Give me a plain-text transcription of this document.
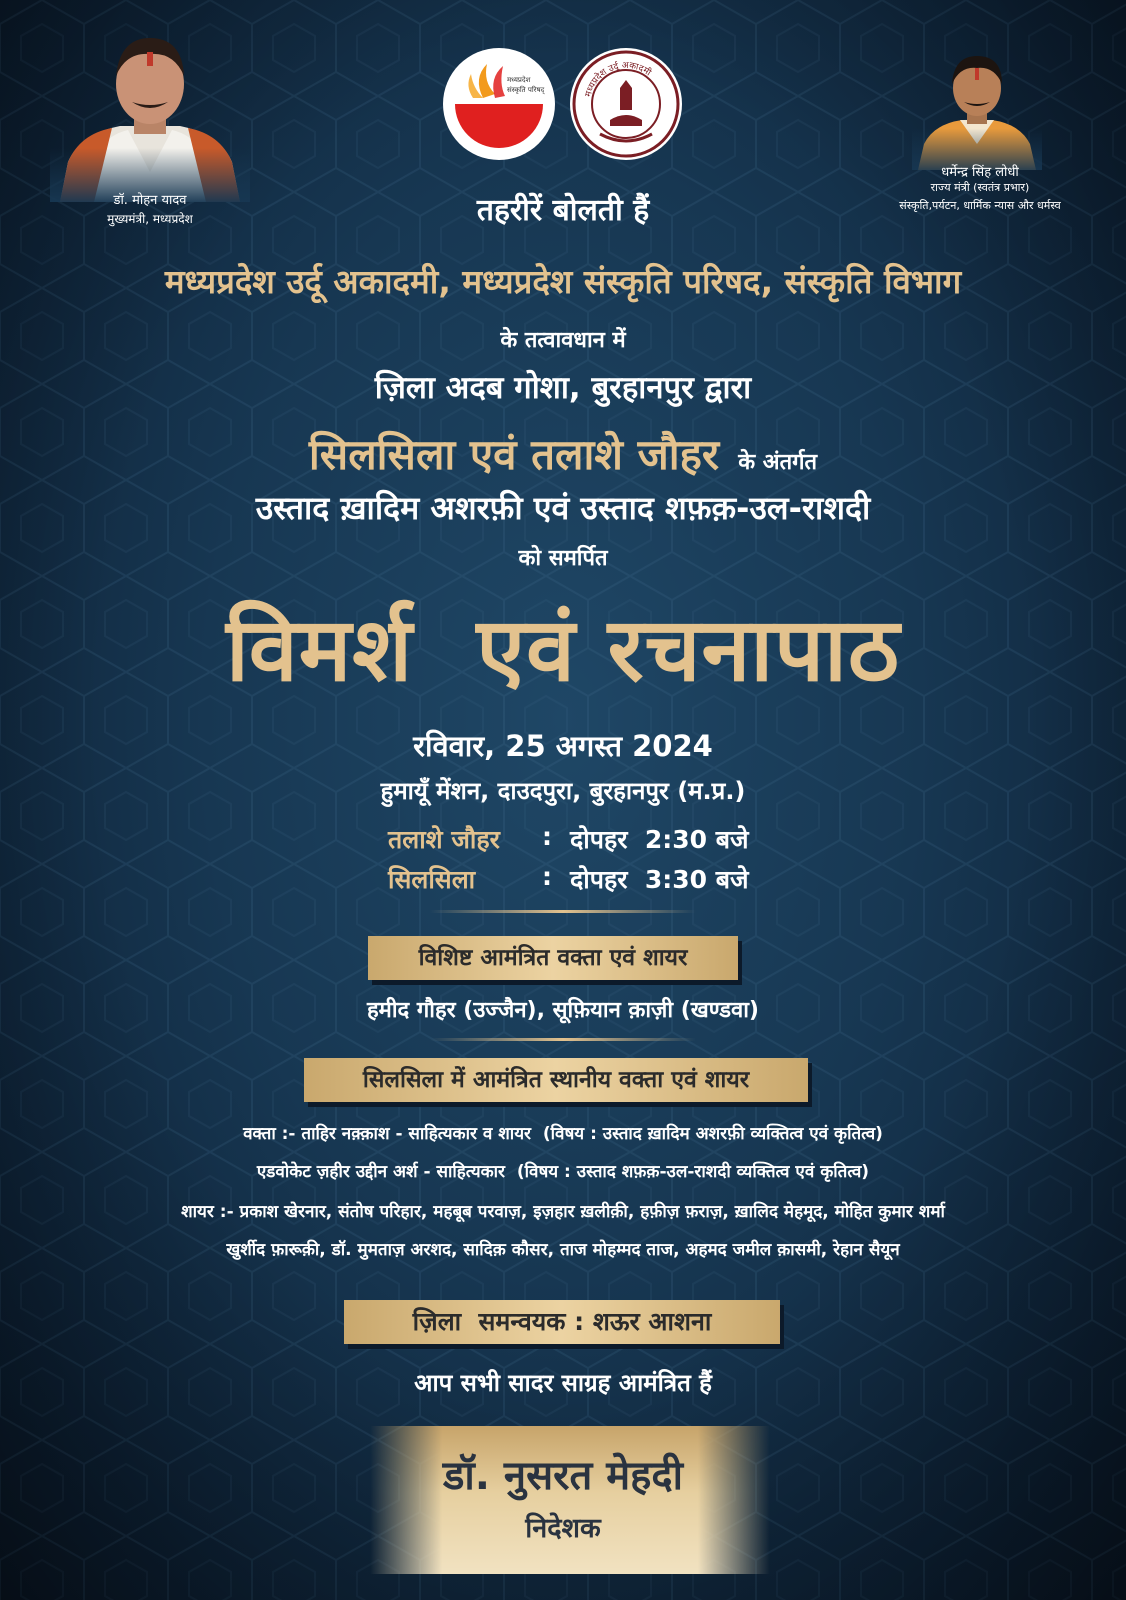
डॉ. मोहन यादव
मुख्यमंत्री, मध्यप्रदेश
धर्मेन्द्र सिंह लोधी
राज्य मंत्री (स्वतंत्र प्रभार)
संस्कृति,पर्यटन, धार्मिक न्यास और धर्मस्व
मध्यप्रदेश
संस्कृति परिषद्
मध्यप्रदेश उर्दू अकादमी
तहरीरें बोलती हैं
मध्यप्रदेश उर्दू अकादमी, मध्यप्रदेश संस्कृति परिषद, संस्कृति विभाग
के तत्वावधान में
ज़िला अदब गोशा, बुरहानपुर द्वारा
सिलसिला एवं तलाशे जौहर के अंतर्गत
उस्ताद ख़ादिम अशरफ़ी एवं उस्ताद शफ़क़-उल-राशदी
को समर्पित
विमर्श  एवं रचनापाठ
रविवार, 25 अगस्त 2024
हुमायूँ मेंशन, दाउदपुरा, बुरहानपुर (म.प्र.)
तलाशे जौहर : दोपहर  2:30 बजे
सिलसिला	: दोपहर  3:30 बजे
विशिष्ट आमंत्रित वक्ता एवं शायर
हमीद गौहर (उज्जैन), सूफ़ियान क़ाज़ी (खण्डवा)
सिलसिला में आमंत्रित स्थानीय वक्ता एवं शायर
वक्ता :- ताहिर नक़्क़ाश - साहित्यकार व शायर  (विषय : उस्ताद ख़ादिम अशरफ़ी व्यक्तित्व एवं कृतित्व)
एडवोकेट ज़हीर उद्दीन अर्श - साहित्यकार  (विषय : उस्ताद शफ़क़-उल-राशदी व्यक्तित्व एवं कृतित्व)
शायर :- प्रकाश खेरनार, संतोष परिहार, महबूब परवाज़, इज़हार ख़लीक़ी, हफ़ीज़ फ़राज़, ख़ालिद मेहमूद, मोहित कुमार शर्मा
खुर्शीद फ़ारूक़ी, डॉ. मुमताज़ अरशद, सादिक़ कौसर, ताज मोहम्मद ताज, अहमद जमील क़ासमी, रेहान सैयून
ज़िला  समन्वयक : शऊर आशना
आप सभी सादर साग्रह आमंत्रित हैं
डॉ. नुसरत मेहदी
निदेशक
